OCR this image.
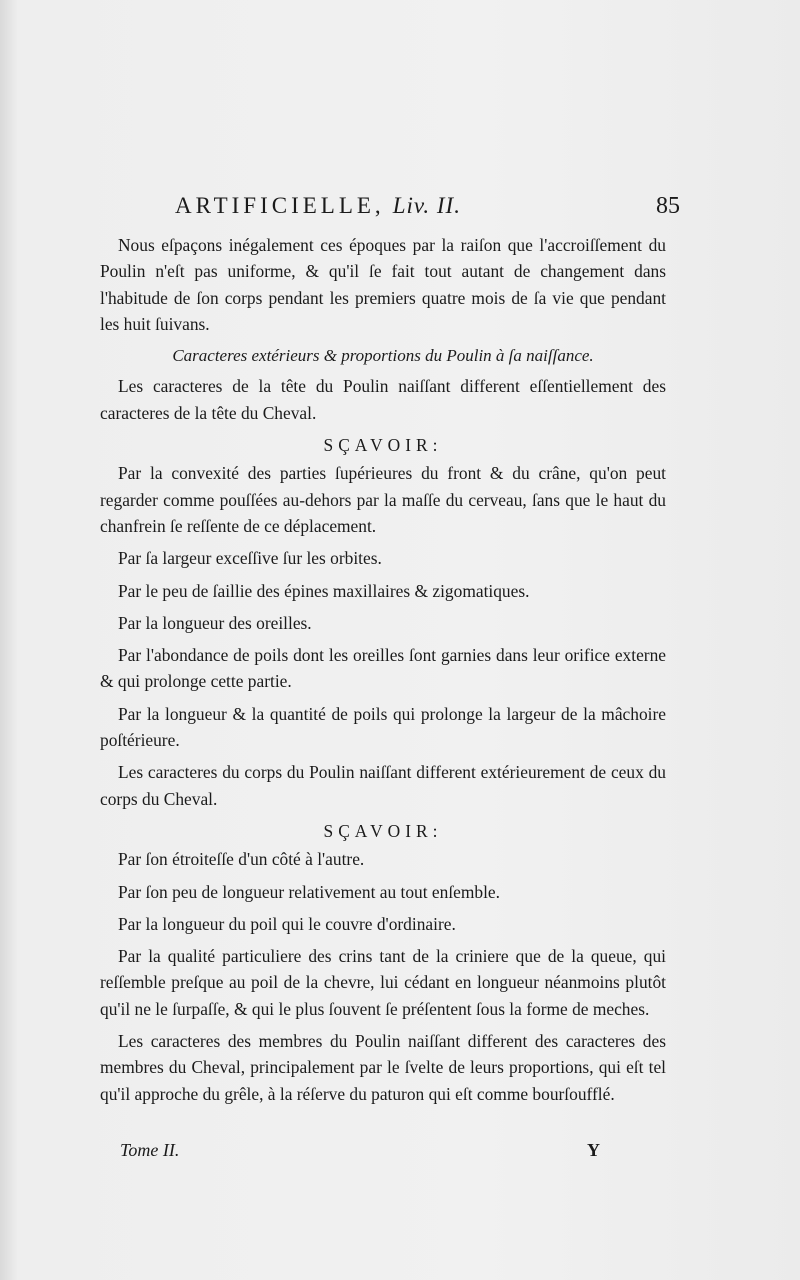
ARTIFICIELLE, Liv. II.	85

Nous eſpaçons inégalement ces époques par la raiſon que l'accroiſſement du Poulin n'eſt pas uniforme, & qu'il ſe fait tout autant de changement dans l'habitude de ſon corps pendant les premiers quatre mois de ſa vie que pendant les huit ſuivans.

Caracteres extérieurs & proportions du Poulin à ſa naiſſance.

Les caracteres de la tête du Poulin naiſſant different eſſentiellement des caracteres de la tête du Cheval.

SÇAVOIR:

Par la convexité des parties ſupérieures du front & du crâne, qu'on peut regarder comme pouſſées au-dehors par la maſſe du cerveau, ſans que le haut du chanfrein ſe reſſente de ce déplacement.

Par ſa largeur exceſſive ſur les orbites.

Par le peu de ſaillie des épines maxillaires & zigomatiques.

Par la longueur des oreilles.

Par l'abondance de poils dont les oreilles ſont garnies dans leur orifice externe & qui prolonge cette partie.

Par la longueur & la quantité de poils qui prolonge la largeur de la mâchoire poſtérieure.

Les caracteres du corps du Poulin naiſſant different extérieurement de ceux du corps du Cheval.

SÇAVOIR:

Par ſon étroiteſſe d'un côté à l'autre.

Par ſon peu de longueur relativement au tout enſemble.

Par la longueur du poil qui le couvre d'ordinaire.

Par la qualité particuliere des crins tant de la criniere que de la queue, qui reſſemble preſque au poil de la chevre, lui cédant en longueur néanmoins plutôt qu'il ne le ſurpaſſe, & qui le plus ſouvent ſe préſentent ſous la forme de meches.

Les caracteres des membres du Poulin naiſſant different des caracteres des membres du Cheval, principalement par le ſvelte de leurs proportions, qui eſt tel qu'il approche du grêle, à la réſerve du paturon qui eſt comme bourſoufflé.

Tome II.	Y
